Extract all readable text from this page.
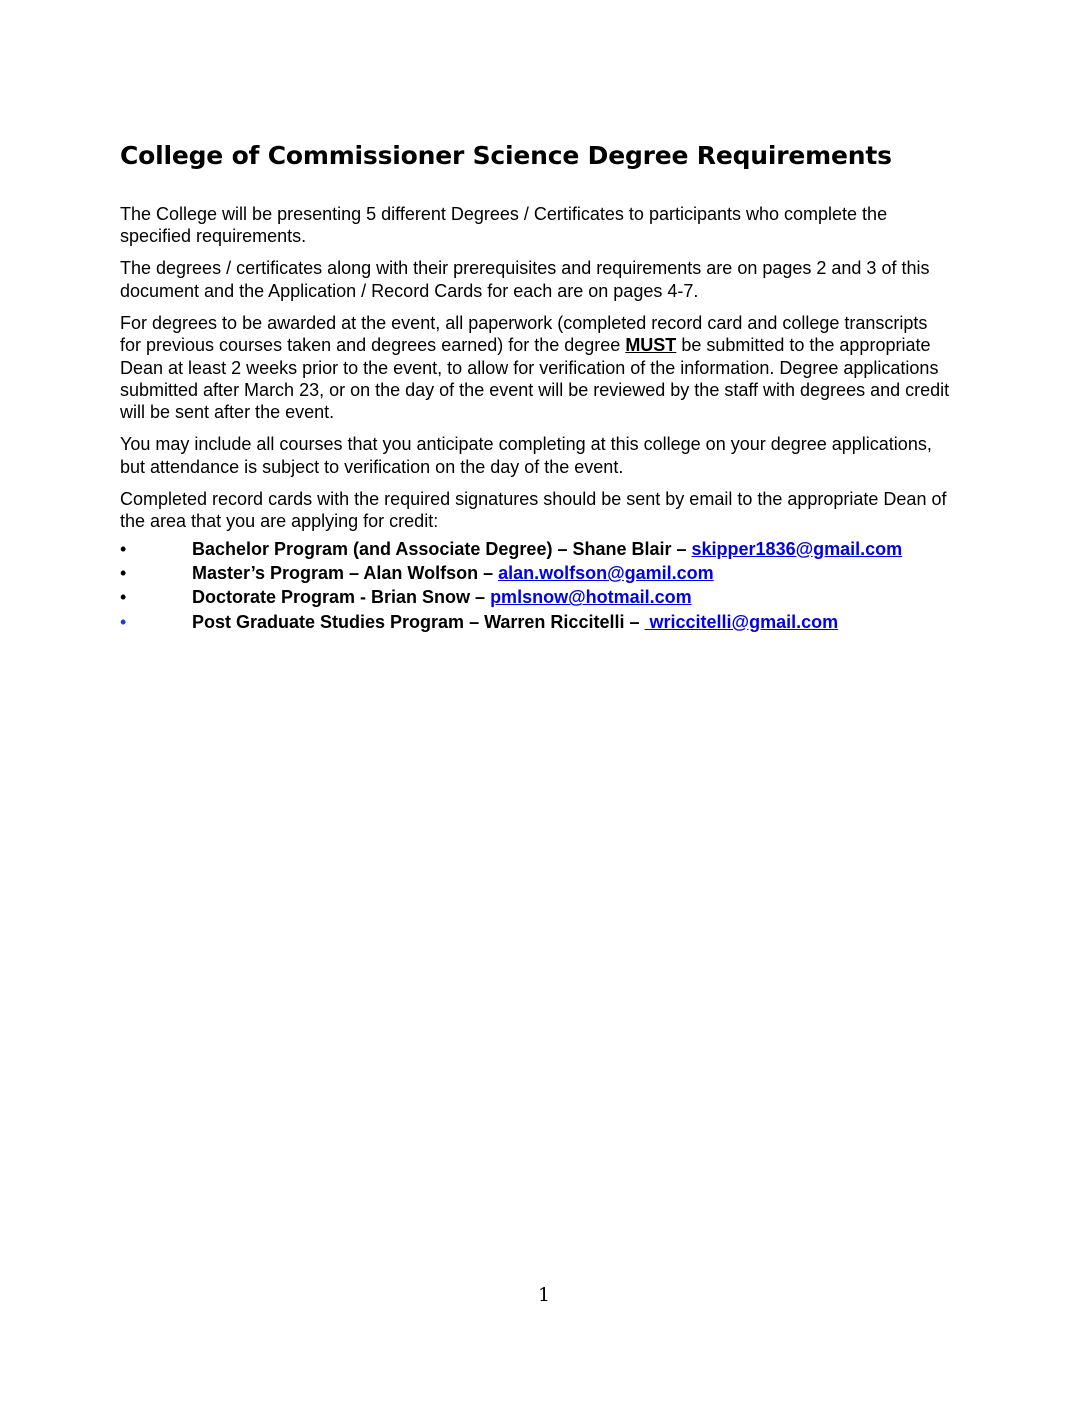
College of Commissioner Science Degree Requirements

The College will be presenting 5 different Degrees / Certificates to participants who complete the
specified requirements.

The degrees / certificates along with their prerequisites and requirements are on pages 2 and 3 of this
document and the Application / Record Cards for each are on pages 4-7.

For degrees to be awarded at the event, all paperwork (completed record card and college transcripts
for previous courses taken and degrees earned) for the degree MUST be submitted to the appropriate
Dean at least 2 weeks prior to the event, to allow for verification of the information. Degree applications
submitted after March 23, or on the day of the event will be reviewed by the staff with degrees and credit
will be sent after the event.

You may include all courses that you anticipate completing at this college on your degree applications,
but attendance is subject to verification on the day of the event.

Completed record cards with the required signatures should be sent by email to the appropriate Dean of
the area that you are applying for credit:

•	Bachelor Program (and Associate Degree) – Shane Blair – skipper1836@gmail.com
•	Master’s Program – Alan Wolfson – alan.wolfson@gamil.com
•	Doctorate Program - Brian Snow – pmlsnow@hotmail.com
•	Post Graduate Studies Program – Warren Riccitelli –  wriccitelli@gmail.com
1
